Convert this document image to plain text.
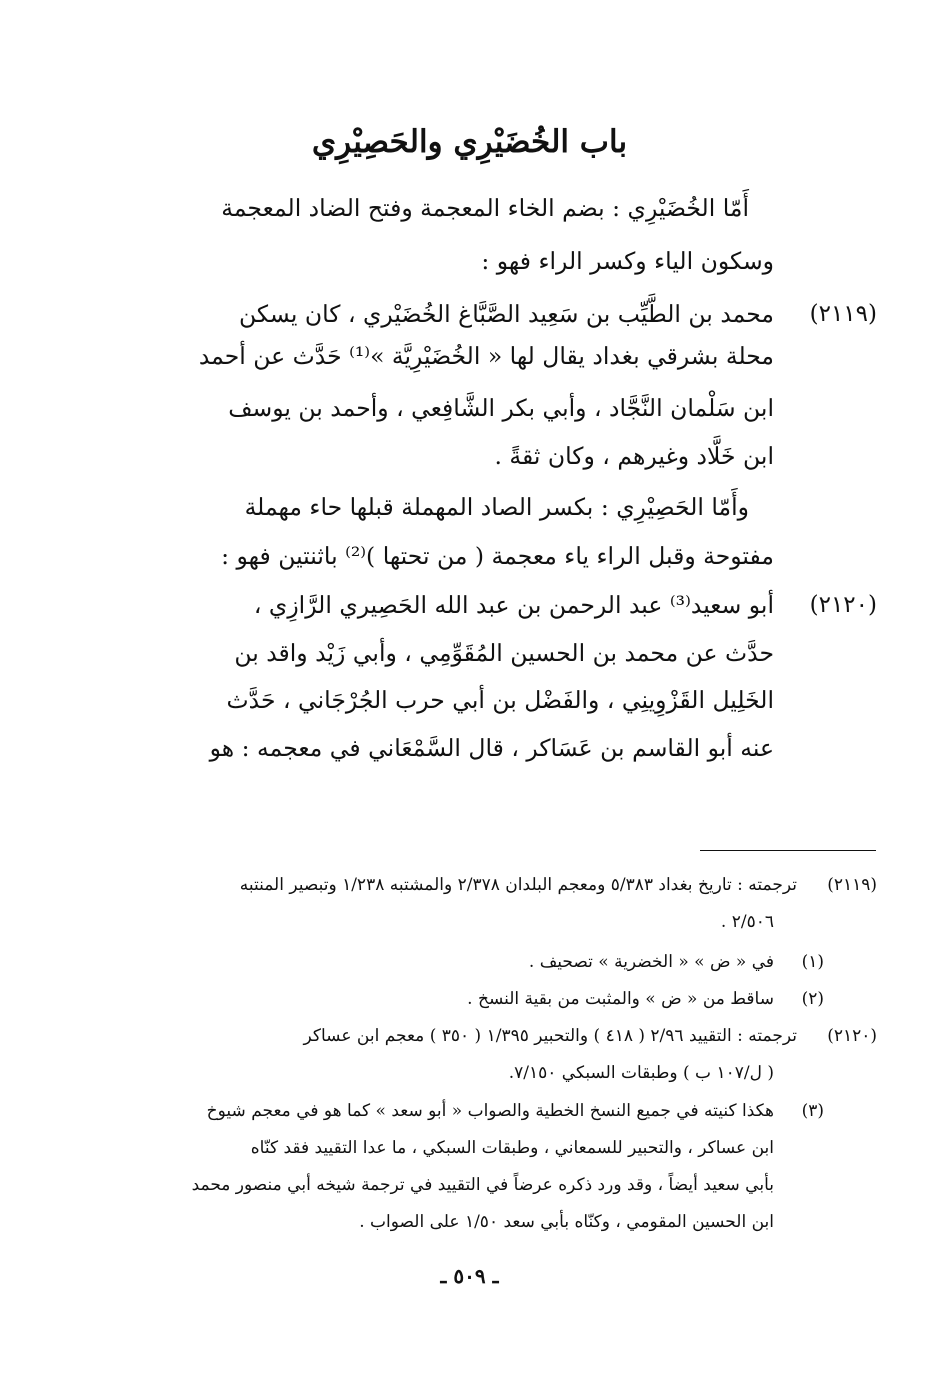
باب الخُضَيْرِي والحَصِيْرِي
أَمّا الخُضَيْرِي : بضم الخاء المعجمة وفتح الضاد المعجمة
وسكون الياء وكسر الراء فهو :
(٢١١٩)
محمد بن الطَّيِّب بن سَعِيد الصَّبَّاغ الخُضَيْري ، كان يسكن
محلة بشرقي بغداد يقال لها « الخُضَيْرِيَّة »⁽¹⁾ حَدَّث عن أحمد
ابن سَلْمان النَّجَّاد ، وأبي بكر الشَّافِعي ، وأحمد بن يوسف
ابن خَلَّاد وغيرهم ، وكان ثقةً .
وأَمّا الحَصِيْرِي : بكسر الصاد المهملة قبلها حاء مهملة
مفتوحة وقبل الراء ياء معجمة ( من تحتها )⁽²⁾ باثنتين فهو :
(٢١٢٠)
أبو سعيد⁽³⁾ عبد الرحمن بن عبد الله الحَصِيري الرَّازِي ،
حدَّث عن محمد بن الحسين المُقَوِّمِي ، وأبي زَيْد واقد بن
الخَلِيل القَزْوِينِي ، والفَضْل بن أبي حرب الجُرْجَاني ، حَدَّث
عنه أبو القاسم بن عَسَاكر ، قال السَّمْعَاني في معجمه : هو
(٢١١٩)
ترجمته : تاريخ بغداد ٥/٣٨٣ ومعجم البلدان ٢/٣٧٨ والمشتبه ١/٢٣٨ وتبصير المنتبه
٢/٥٠٦ .
(١)
في « ض » « الخضرية » تصحيف .
(٢)
ساقط من « ض » والمثبت من بقية النسخ .
(٢١٢٠)
ترجمته : التقييد ٢/٩٦ ( ٤١٨ ) والتحبير ١/٣٩٥ ( ٣٥٠ ) معجم ابن عساكر
( ل/١٠٧ ب ) وطبقات السبكي ٧/١٥٠.
(٣)
هكذا كنيته في جميع النسخ الخطية والصواب « أبو سعد » كما هو في معجم شيوخ
ابن عساكر ، والتحبير للسمعاني ، وطبقات السبكي ، ما عدا التقييد فقد كنّاه
بأبي سعيد أيضاً ، وقد ورد ذكره عرضاً في التقييد في ترجمة شيخه أبي منصور محمد
ابن الحسين المقومي ، وكنّاه بأبي سعد ١/٥٠ على الصواب .
ـ ٥٠٩ ـ
